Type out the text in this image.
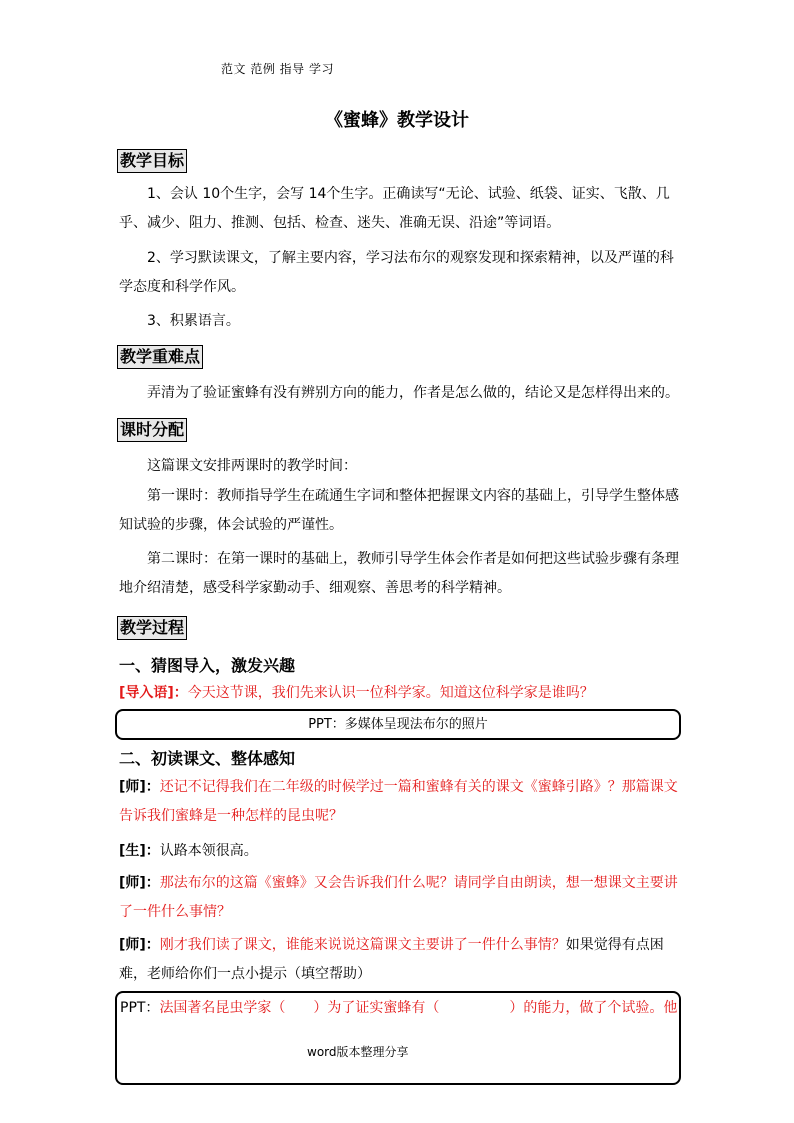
范文 范例 指导 学习
《蜜蜂》教学设计
教学目标
1、会认 10个生字，会写 14个生字。正确读写“无论、试验、纸袋、证实、飞散、几乎、减少、阻力、推测、包括、检查、迷失、准确无误、沿途”等词语。
2、学习默读课文，了解主要内容，学习法布尔的观察发现和探索精神，以及严谨的科学态度和科学作风。
3、积累语言。
教学重难点
弄清为了验证蜜蜂有没有辨别方向的能力，作者是怎么做的，结论又是怎样得出来的。
课时分配
这篇课文安排两课时的教学时间：
第一课时：教师指导学生在疏通生字词和整体把握课文内容的基础上，引导学生整体感知试验的步骤，体会试验的严谨性。
第二课时：在第一课时的基础上，教师引导学生体会作者是如何把这些试验步骤有条理地介绍清楚，感受科学家勤动手、细观察、善思考的科学精神。
教学过程
一、猜图导入，激发兴趣
[导入语]：今天这节课，我们先来认识一位科学家。知道这位科学家是谁吗？
PPT：多媒体呈现法布尔的照片
二、初读课文、整体感知
[师]：还记不记得我们在二年级的时候学过一篇和蜜蜂有关的课文《蜜蜂引路》？那篇课文告诉我们蜜蜂是一种怎样的昆虫呢？
[生]：认路本领很高。
[师]：那法布尔的这篇《蜜蜂》又会告诉我们什么呢？请同学自由朗读，想一想课文主要讲了一件什么事情？
[师]：刚才我们读了课文，谁能来说说这篇课文主要讲了一件什么事情？如果觉得有点困难，老师给你们一点小提示（填空帮助）
PPT：法国著名昆虫学家（　　）为了证实蜜蜂有（　　　　　）的能力，做了个试验。他
word版本整理分享
